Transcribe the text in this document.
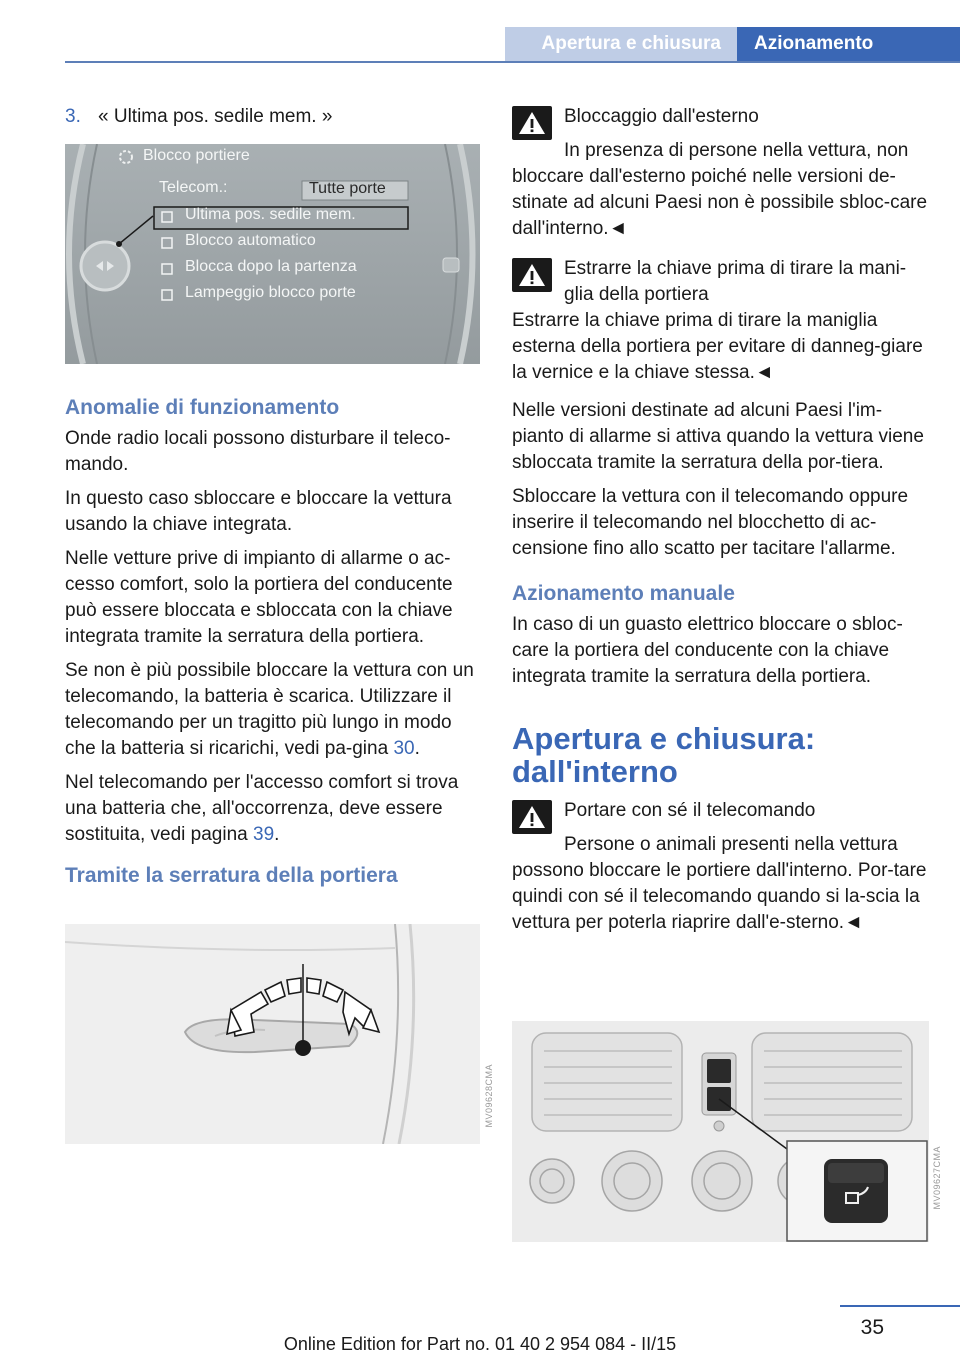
Apertura e chiusura	Azionamento
3. « Ultima pos. sedile mem. »
Blocco portiere
Telecom.:	Tutte porte
Ultima pos. sedile mem.
Blocco automatico
Blocca dopo la partenza
Lampeggio blocco porte
Anomalie di funzionamento

Onde radio locali possono disturbare il teleco-mando.

In questo caso sbloccare e bloccare la vettura usando la chiave integrata.

Nelle vetture prive di impianto di allarme o ac-cesso comfort, solo la portiera del conducente può essere bloccata e sbloccata con la chiave integrata tramite la serratura della portiera.

Se non è più possibile bloccare la vettura con un telecomando, la batteria è scarica. Utilizzare il telecomando per un tragitto più lungo in modo che la batteria si ricarichi, vedi pa-gina 30.

Nel telecomando per l'accesso comfort si trova una batteria che, all'occorrenza, deve essere sostituita, vedi pagina 39.

Tramite la serratura della portiera
MV09628CMA
Bloccaggio dall'esterno

In presenza di persone nella vettura, non bloccare dall'esterno poiché nelle versioni de-stinate ad alcuni Paesi non è possibile sbloc-care dall'interno.◄

Estrarre la chiave prima di tirare la mani-glia della portiera

Estrarre la chiave prima di tirare la maniglia esterna della portiera per evitare di danneg-giare la vernice e la chiave stessa.◄

Nelle versioni destinate ad alcuni Paesi l'im-pianto di allarme si attiva quando la vettura viene sbloccata tramite la serratura della por-tiera.

Sbloccare la vettura con il telecomando oppure inserire il telecomando nel blocchetto di ac-censione fino allo scatto per tacitare l'allarme.

Azionamento manuale

In caso di un guasto elettrico bloccare o sbloc-care la portiera del conducente con la chiave integrata tramite la serratura della portiera.

Apertura e chiusura: dall'interno
Portare con sé il telecomando

Persone o animali presenti nella vettura possono bloccare le portiere dall'interno. Por-tare quindi con sé il telecomando quando si la-scia la vettura per poterla riaprire dall'e-sterno.◄

MV09627CMA
35
Online Edition for Part no. 01 40 2 954 084 - II/15
